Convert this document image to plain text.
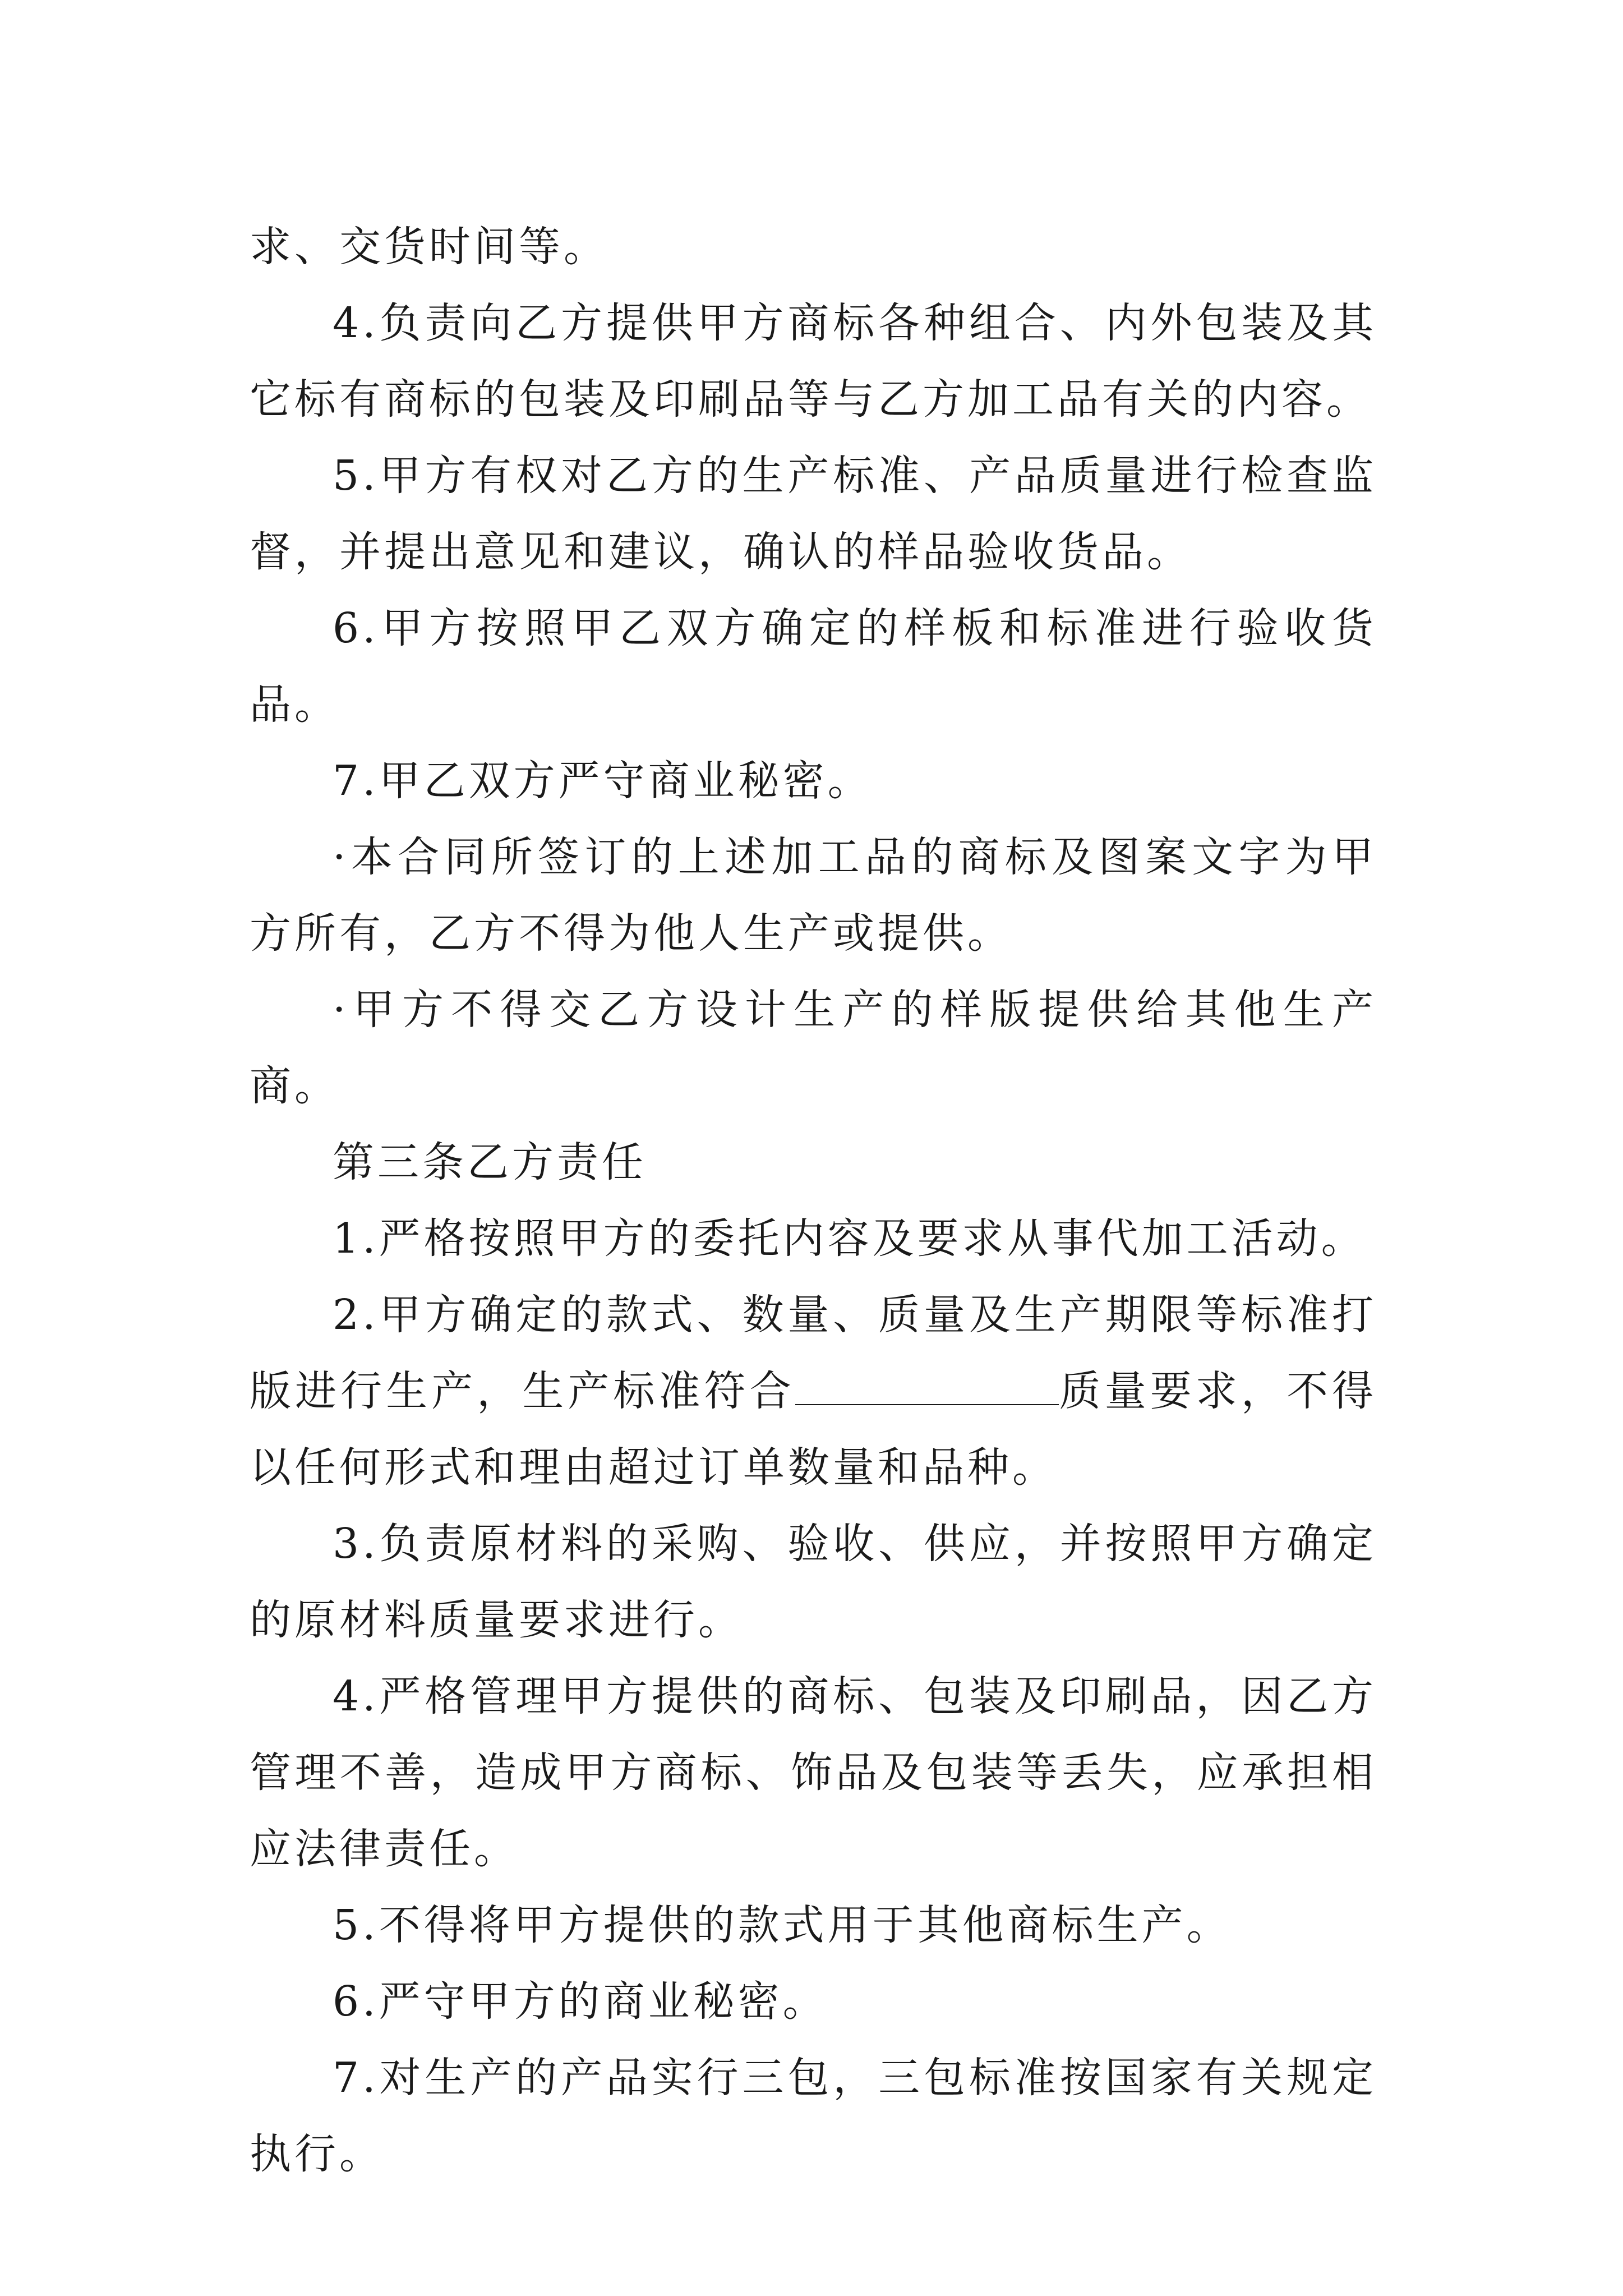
求、交货时间等。

4.负责向乙方提供甲方商标各种组合、内外包装及其它标有商标的包装及印刷品等与乙方加工品有关的内容。

5.甲方有权对乙方的生产标准、产品质量进行检查监督，并提出意见和建议，确认的样品验收货品。

6.甲方按照甲乙双方确定的样板和标准进行验收货品。

7.甲乙双方严守商业秘密。

·本合同所签订的上述加工品的商标及图案文字为甲方所有，乙方不得为他人生产或提供。

·甲方不得交乙方设计生产的样版提供给其他生产商。

第三条乙方责任

1.严格按照甲方的委托内容及要求从事代加工活动。

2.甲方确定的款式、数量、质量及生产期限等标准打版进行生产，生产标准符合	质量要求，不得以任何形式和理由超过订单数量和品种。

3.负责原材料的采购、验收、供应，并按照甲方确定的原材料质量要求进行。

4.严格管理甲方提供的商标、包装及印刷品，因乙方管理不善，造成甲方商标、饰品及包装等丢失，应承担相应法律责任。

5.不得将甲方提供的款式用于其他商标生产。

6.严守甲方的商业秘密。

7.对生产的产品实行三包，三包标准按国家有关规定执行。
